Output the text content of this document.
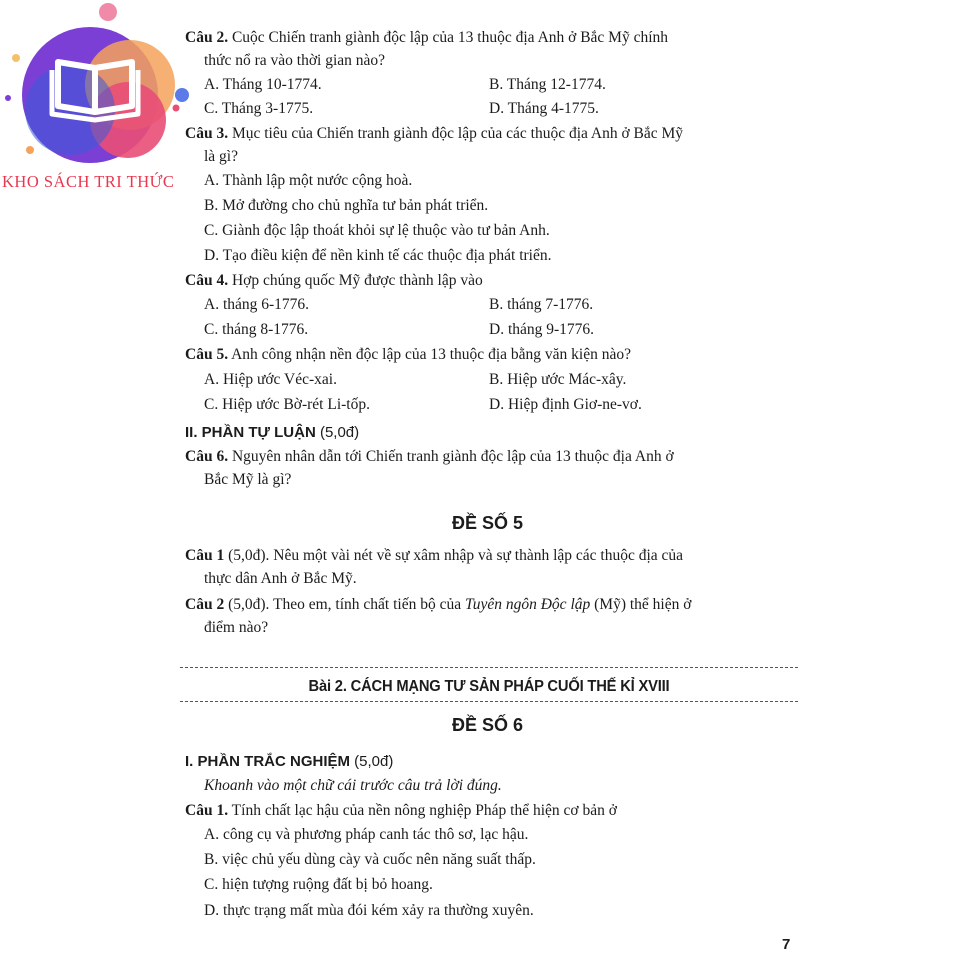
KHO SÁCH TRI THỨC
Câu 2. Cuộc Chiến tranh giành độc lập của 13 thuộc địa Anh ở Bắc Mỹ chính
thức nổ ra vào thời gian nào?
A. Tháng 10-1774.	B. Tháng 12-1774.
C. Tháng 3-1775.	D. Tháng 4-1775.
Câu 3. Mục tiêu của Chiến tranh giành độc lập của các thuộc địa Anh ở Bắc Mỹ
là gì?
A. Thành lập một nước cộng hoà.
B. Mở đường cho chủ nghĩa tư bản phát triển.
C. Giành độc lập thoát khỏi sự lệ thuộc vào tư bản Anh.
D. Tạo điều kiện để nền kinh tế các thuộc địa phát triển.
Câu 4. Hợp chúng quốc Mỹ được thành lập vào
A. tháng 6-1776.	B. tháng 7-1776.
C. tháng 8-1776.	D. tháng 9-1776.
Câu 5. Anh công nhận nền độc lập của 13 thuộc địa bằng văn kiện nào?
A. Hiệp ước Véc-xai.	B. Hiệp ước Mác-xây.
C. Hiệp ước Bờ-rét Li-tốp.	D. Hiệp định Giơ-ne-vơ.
II. PHẦN TỰ LUẬN (5,0đ)
Câu 6. Nguyên nhân dẫn tới Chiến tranh giành độc lập của 13 thuộc địa Anh ở
Bắc Mỹ là gì?
ĐỀ SỐ 5
Câu 1 (5,0đ). Nêu một vài nét về sự xâm nhập và sự thành lập các thuộc địa của
thực dân Anh ở Bắc Mỹ.
Câu 2 (5,0đ). Theo em, tính chất tiến bộ của Tuyên ngôn Độc lập (Mỹ) thể hiện ở
điểm nào?
Bài 2. CÁCH MẠNG TƯ SẢN PHÁP CUỐI THẾ KỈ XVIII
ĐỀ SỐ 6
I. PHẦN TRẮC NGHIỆM (5,0đ)
Khoanh vào một chữ cái trước câu trả lời đúng.
Câu 1. Tính chất lạc hậu của nền nông nghiệp Pháp thể hiện cơ bản ở
A. công cụ và phương pháp canh tác thô sơ, lạc hậu.
B. việc chủ yếu dùng cày và cuốc nên năng suất thấp.
C. hiện tượng ruộng đất bị bỏ hoang.
D. thực trạng mất mùa đói kém xảy ra thường xuyên.
7
